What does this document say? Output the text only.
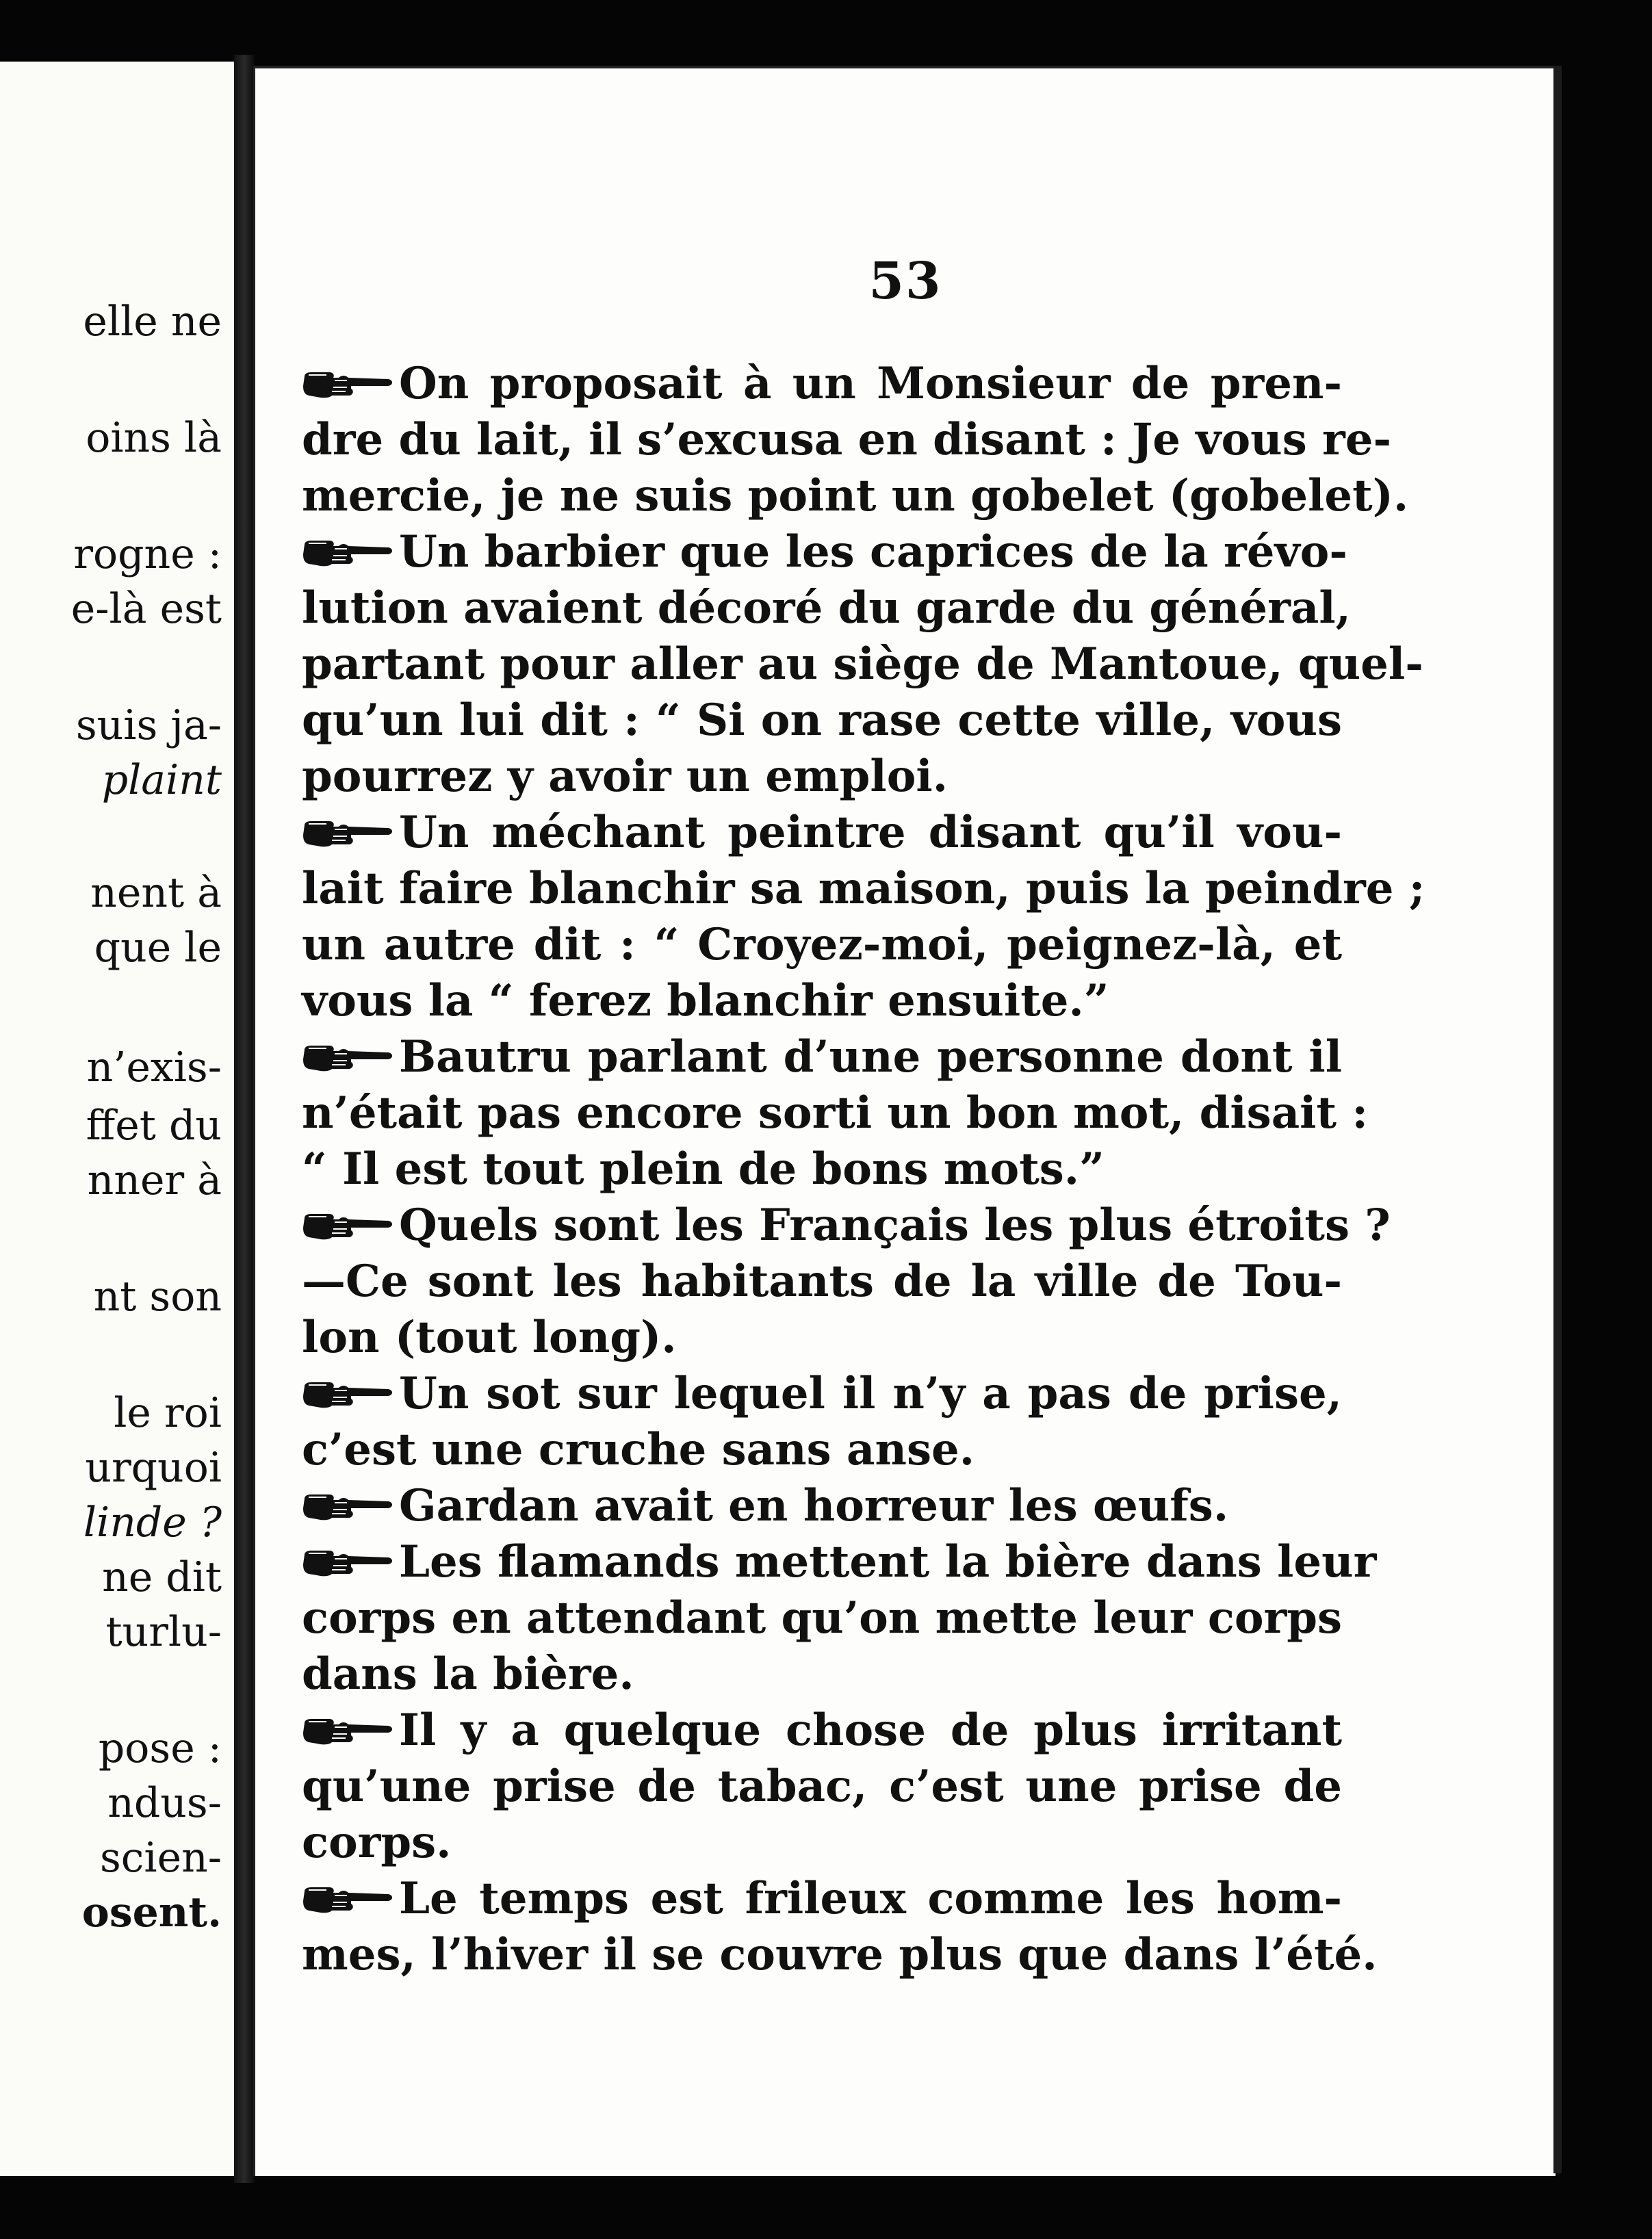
elle ne
oins là
rogne :
e-là est
suis ja-
plaint
nent à
que le
n’exis-
ffet du
nner à
nt son
le roi
urquoi
linde ?
ne dit
turlu-
pose :
ndus-
scien-
osent.
53
On proposait à un Monsieur de pren-
dre du lait, il s’excusa en disant : Je vous re-
mercie, je ne suis point un gobelet (gobelet).
Un barbier que les caprices de la révo-
lution avaient décoré du garde du général,
partant pour aller au siège de Mantoue, quel-
qu’un lui dit : “ Si on rase cette ville, vous
pourrez y avoir un emploi.
Un méchant peintre disant qu’il vou-
lait faire blanchir sa maison, puis la peindre ;
un autre dit : “ Croyez-moi, peignez-là, et
vous la “ ferez blanchir ensuite.”
Bautru parlant d’une personne dont il
n’était pas encore sorti un bon mot, disait :
“ Il est tout plein de bons mots.”
Quels sont les Français les plus étroits ?
—Ce sont les habitants de la ville de Tou-
lon (tout long).
Un sot sur lequel il n’y a pas de prise,
c’est une cruche sans anse.
Gardan avait en horreur les œufs.
Les flamands mettent la bière dans leur
corps en attendant qu’on mette leur corps
dans la bière.
Il y a quelque chose de plus irritant
qu’une prise de tabac, c’est une prise de
corps.
Le temps est frileux comme les hom-
mes, l’hiver il se couvre plus que dans l’été.
